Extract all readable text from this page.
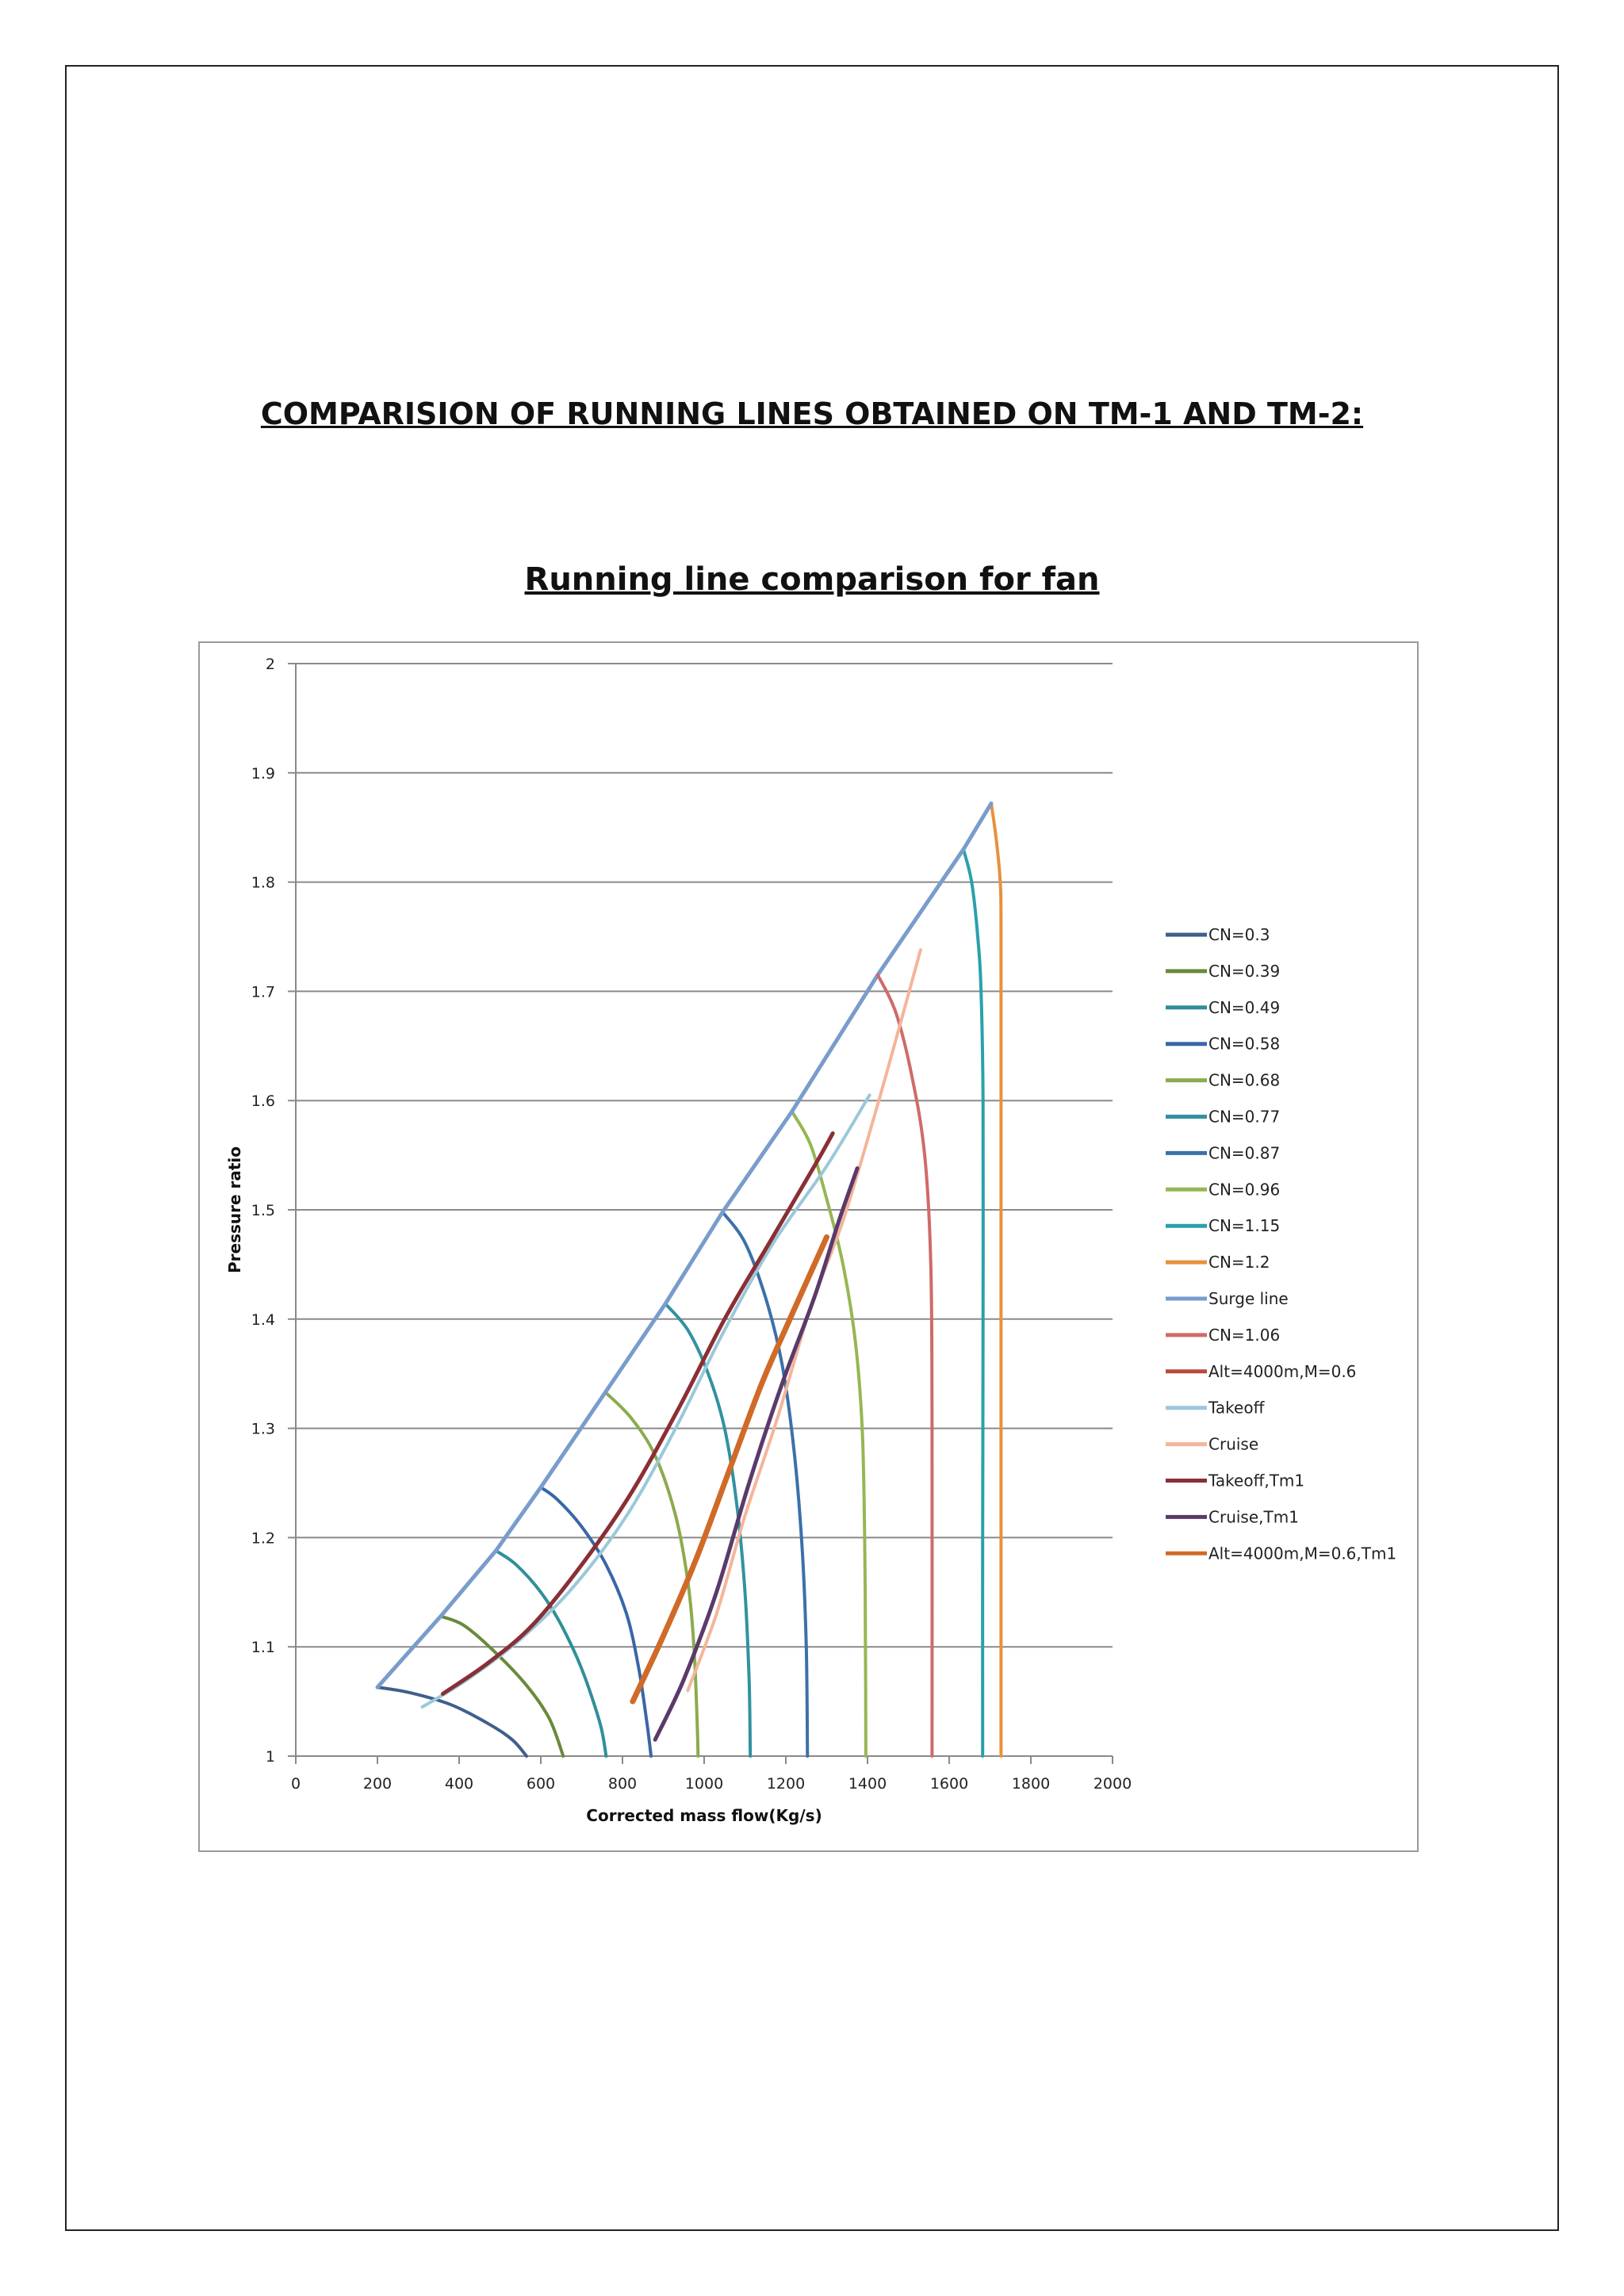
COMPARISION OF RUNNING LINES OBTAINED ON TM-1 AND TM-2:
Running line comparison for fan
1
1.1
1.2
1.3
1.4
1.5
1.6
1.7
1.8
1.9
2
0	200	400	600	800	1000	1200	1400	1600	1800	2000
CN=0.3
CN=0.39
CN=0.49
CN=0.58
CN=0.68
CN=0.77
CN=0.87
CN=0.96
CN=1.15
CN=1.2
Surge line
CN=1.06
Alt=4000m,M=0.6
Takeoff
Cruise
Takeoff,Tm1
Cruise,Tm1
Alt=4000m,M=0.6,Tm1
Corrected mass flow(Kg/s)
Pressure ratio
